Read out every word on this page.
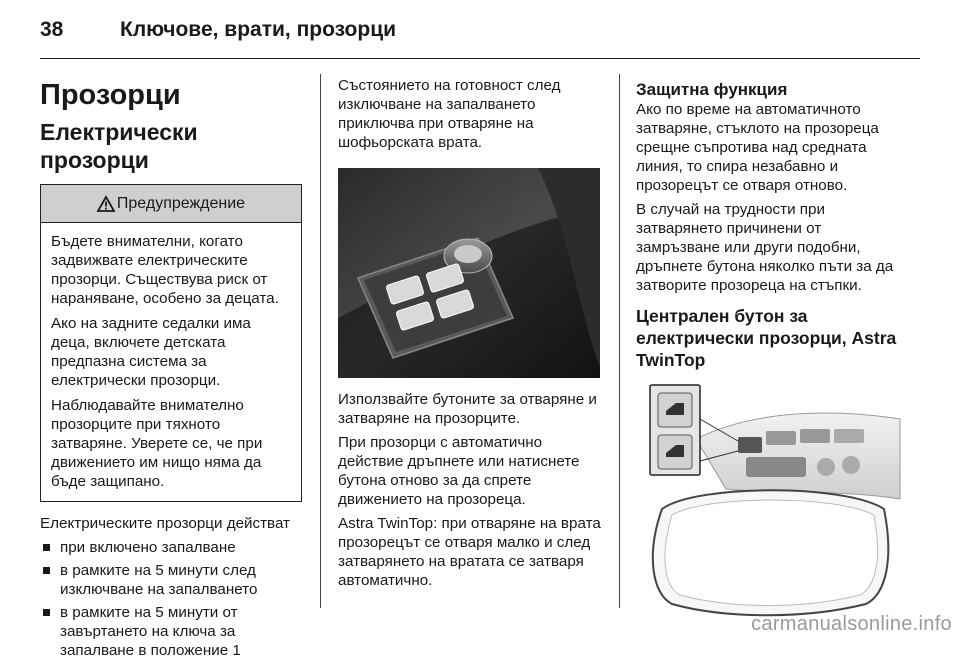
38	Ключове, врати, прозорци
Прозорци
Електрически прозорци
Предупреждение

Бъдете внимателни, когато задвижвате електрическите прозорци. Съществува риск от нараняване, особено за децата.

Ако на задните седалки има деца, включете детската предпазна система за електрически прозорци.

Наблюдавайте внимателно прозорците при тяхното затваряне. Уверете се, че при движението им нищо няма да бъде защипано.

Електрическите прозорци действат

при включено запалване
в рамките на 5 минути след изключване на запалването
в рамките на 5 минути от завъртането на ключа за запалване в положение 1

Състоянието на готовност след изключване на запалването приключва при отваряне на шофьорската врата.

Използвайте бутоните за отваряне и затваряне на прозорците.

При прозорци с автоматично действие дръпнете или натиснете бутона отново за да спрете движението на прозореца.

Astra TwinTop: при отваряне на врата прозорецът се отваря малко и след затварянето на вратата се затваря автоматично.

Защитна функция

Ако по време на автоматичното затваряне, стъклото на прозореца срещне съпротива над средната линия, то спира незабавно и прозорецът се отваря отново.

В случай на трудности при затварянето причинени от замръзване или други подобни, дръпнете бутона няколко пъти за да затворите прозореца на стъпки.

Централен бутон за електрически прозорци, Astra TwinTop
carmanualsonline.info
